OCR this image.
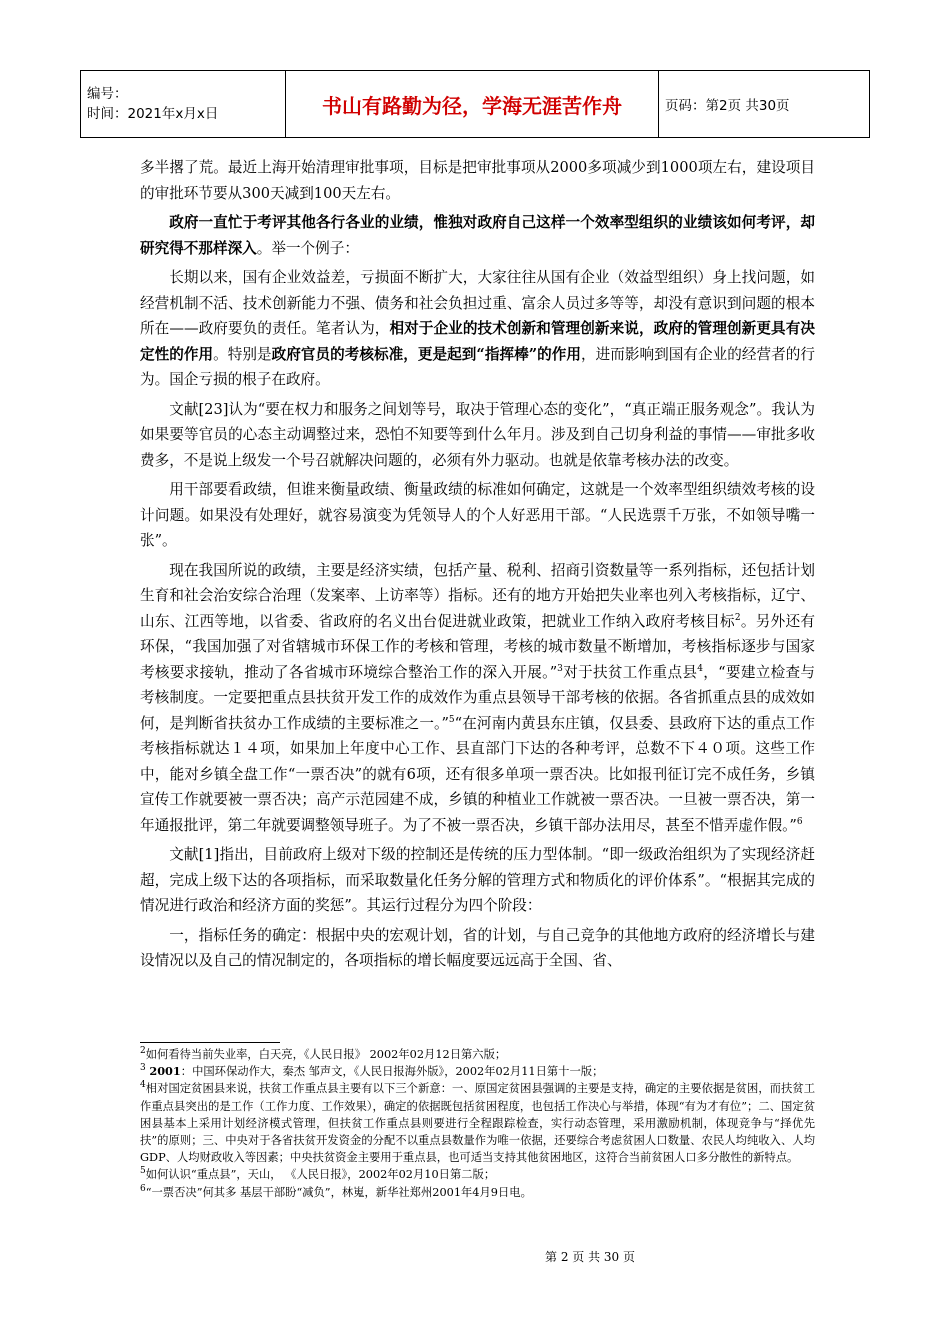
编号：
时间：2021年x月x日	书山有路勤为径，学海无涯苦作舟	页码：第2页 共30页

多半撂了荒。最近上海开始清理审批事项，目标是把审批事项从2000多项减少到1000项左右，建设项目的审批环节要从300天减到100天左右。

政府一直忙于考评其他各行各业的业绩，惟独对政府自己这样一个效率型组织的业绩该如何考评，却研究得不那样深入。举一个例子：

长期以来，国有企业效益差，亏损面不断扩大，大家往往从国有企业（效益型组织）身上找问题，如经营机制不活、技术创新能力不强、债务和社会负担过重、富余人员过多等等，却没有意识到问题的根本所在——政府要负的责任。笔者认为，相对于企业的技术创新和管理创新来说，政府的管理创新更具有决定性的作用。特别是政府官员的考核标准，更是起到“指挥棒”的作用，进而影响到国有企业的经营者的行为。国企亏损的根子在政府。

文献[23]认为“要在权力和服务之间划等号，取决于管理心态的变化”，“真正端正服务观念”。我认为如果要等官员的心态主动调整过来，恐怕不知要等到什么年月。涉及到自己切身利益的事情——审批多收费多，不是说上级发一个号召就解决问题的，必须有外力驱动。也就是依靠考核办法的改变。

用干部要看政绩，但谁来衡量政绩、衡量政绩的标准如何确定，这就是一个效率型组织绩效考核的设计问题。如果没有处理好，就容易演变为凭领导人的个人好恶用干部。“人民选票千万张，不如领导嘴一张”。

现在我国所说的政绩，主要是经济实绩，包括产量、税利、招商引资数量等一系列指标，还包括计划生育和社会治安综合治理（发案率、上访率等）指标。还有的地方开始把失业率也列入考核指标，辽宁、山东、江西等地，以省委、省政府的名义出台促进就业政策，把就业工作纳入政府考核目标$^2$。另外还有环保，“我国加强了对省辖城市环保工作的考核和管理，考核的城市数量不断增加，考核指标逐步与国家考核要求接轨，推动了各省城市环境综合整治工作的深入开展。”$^3$对于扶贫工作重点县$^4$，“要建立检查与考核制度。一定要把重点县扶贫开发工作的成效作为重点县领导干部考核的依据。各省抓重点县的成效如何，是判断省扶贫办工作成绩的主要标准之一。”$^5$“在河南内黄县东庄镇，仅县委、县政府下达的重点工作考核指标就达１４项，如果加上年度中心工作、县直部门下达的各种考评，总数不下４０项。这些工作中，能对乡镇全盘工作“一票否决”的就有6项，还有很多单项一票否决。比如报刊征订完不成任务，乡镇宣传工作就要被一票否决；高产示范园建不成，乡镇的种植业工作就被一票否决。一旦被一票否决，第一年通报批评，第二年就要调整领导班子。为了不被一票否决，乡镇干部办法用尽，甚至不惜弄虚作假。”$^6$

文献[1]指出，目前政府上级对下级的控制还是传统的压力型体制。“即一级政治组织为了实现经济赶超，完成上级下达的各项指标，而采取数量化任务分解的管理方式和物质化的评价体系”。“根据其完成的情况进行政治和经济方面的奖惩”。其运行过程分为四个阶段：

一，指标任务的确定：根据中央的宏观计划，省的计划，与自己竞争的其他地方政府的经济增长与建设情况以及自己的情况制定的，各项指标的增长幅度要远远高于全国、省、

$^2$如何看待当前失业率，白天亮，《人民日报》 2002年02月12日第六版；
$^3$ 2001：中国环保动作大，秦杰 邹声文，《人民日报海外版》，2002年02月11日第十一版；
$^4$相对国定贫困县来说，扶贫工作重点县主要有以下三个新意：一、原国定贫困县强调的主要是支持，确定的主要依据是贫困，而扶贫工作重点县突出的是工作（工作力度、工作效果），确定的依据既包括贫困程度，也包括工作决心与举措，体现“有为才有位”；二、国定贫困县基本上采用计划经济模式管理，但扶贫工作重点县则要进行全程跟踪检查，实行动态管理，采用激励机制，体现竞争与“择优先扶”的原则；三、中央对于各省扶贫开发资金的分配不以重点县数量作为唯一依据，还要综合考虑贫困人口数量、农民人均纯收入、人均GDP、人均财政收入等因素；中央扶贫资金主要用于重点县，也可适当支持其他贫困地区，这符合当前贫困人口多分散性的新特点。
$^5$如何认识“重点县”，天山， 《人民日报》，2002年02月10日第二版；
$^6$“一票否决”何其多 基层干部盼“减负”，林嵬，新华社郑州2001年4月9日电。
第 2 页 共 30 页
